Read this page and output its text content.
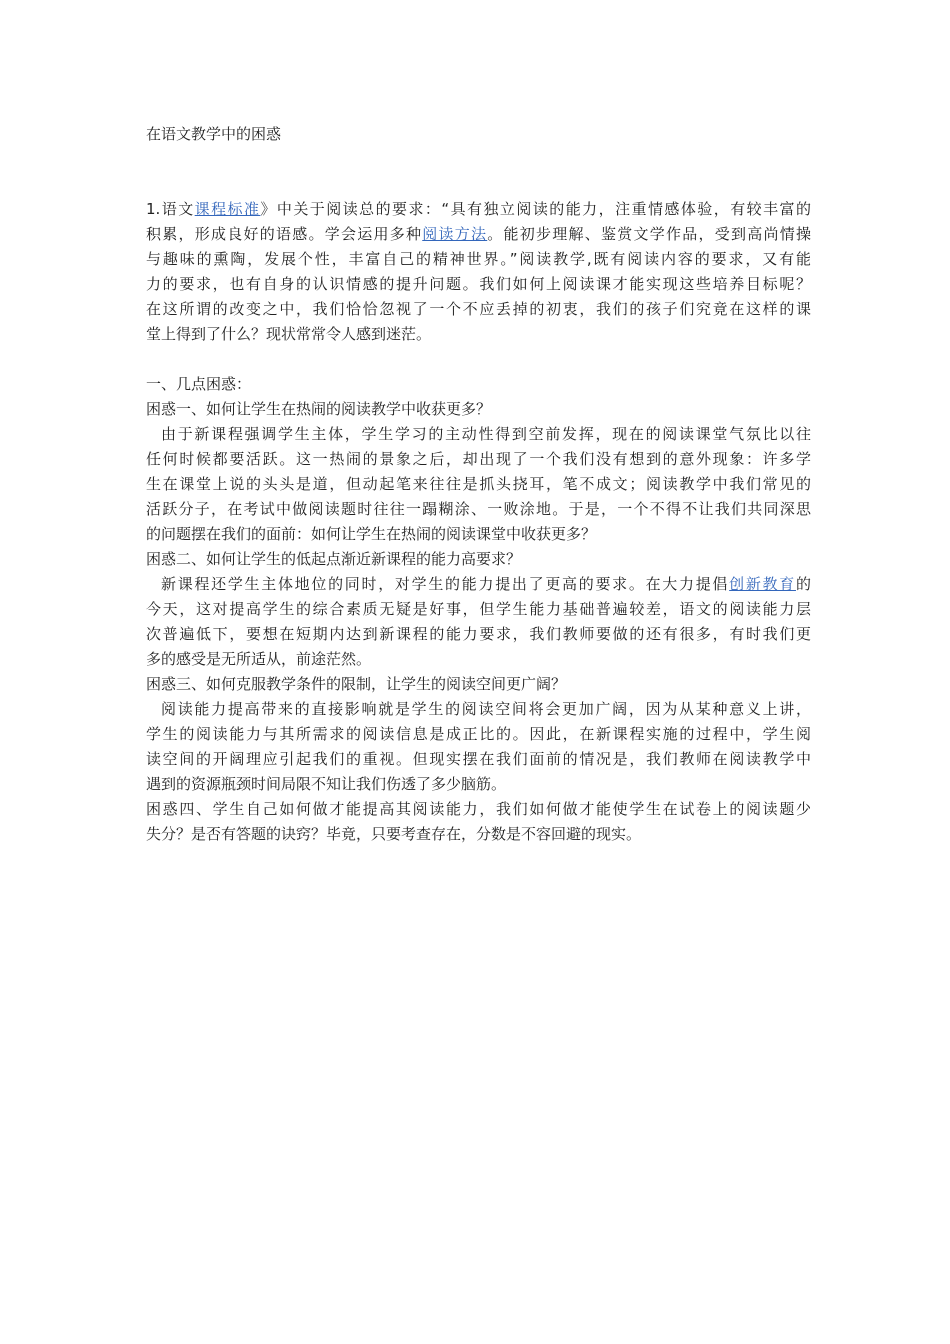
在语文教学中的困惑
1.语文课程标准》中关于阅读总的要求：“具有独立阅读的能力，注重情感体验，有较丰富的
积累，形成良好的语感。学会运用多种阅读方法。能初步理解、鉴赏文学作品，受到高尚情操
与趣味的熏陶，发展个性，丰富自己的精神世界。”阅读教学,既有阅读内容的要求，又有能
力的要求，也有自身的认识情感的提升问题。我们如何上阅读课才能实现这些培养目标呢？
在这所谓的改变之中，我们恰恰忽视了一个不应丢掉的初衷，我们的孩子们究竟在这样的课
堂上得到了什么？现状常常令人感到迷茫。
一、几点困惑：
困惑一、如何让学生在热闹的阅读教学中收获更多？
由于新课程强调学生主体，学生学习的主动性得到空前发挥，现在的阅读课堂气氛比以往
任何时候都要活跃。这一热闹的景象之后，却出现了一个我们没有想到的意外现象：许多学
生在课堂上说的头头是道，但动起笔来往往是抓头挠耳，笔不成文；阅读教学中我们常见的
活跃分子，在考试中做阅读题时往往一蹋糊涂、一败涂地。于是，一个不得不让我们共同深思
的问题摆在我们的面前：如何让学生在热闹的阅读课堂中收获更多？
困惑二、如何让学生的低起点渐近新课程的能力高要求？
新课程还学生主体地位的同时，对学生的能力提出了更高的要求。在大力提倡创新教育的
今天，这对提高学生的综合素质无疑是好事，但学生能力基础普遍较差，语文的阅读能力层
次普遍低下，要想在短期内达到新课程的能力要求，我们教师要做的还有很多，有时我们更
多的感受是无所适从，前途茫然。
困惑三、如何克服教学条件的限制，让学生的阅读空间更广阔？
阅读能力提高带来的直接影响就是学生的阅读空间将会更加广阔，因为从某种意义上讲，
学生的阅读能力与其所需求的阅读信息是成正比的。因此，在新课程实施的过程中，学生阅
读空间的开阔理应引起我们的重视。但现实摆在我们面前的情况是，我们教师在阅读教学中
遇到的资源瓶颈时间局限不知让我们伤透了多少脑筋。
困惑四、学生自己如何做才能提高其阅读能力，我们如何做才能使学生在试卷上的阅读题少
失分？是否有答题的诀窍？毕竟，只要考查存在，分数是不容回避的现实。
